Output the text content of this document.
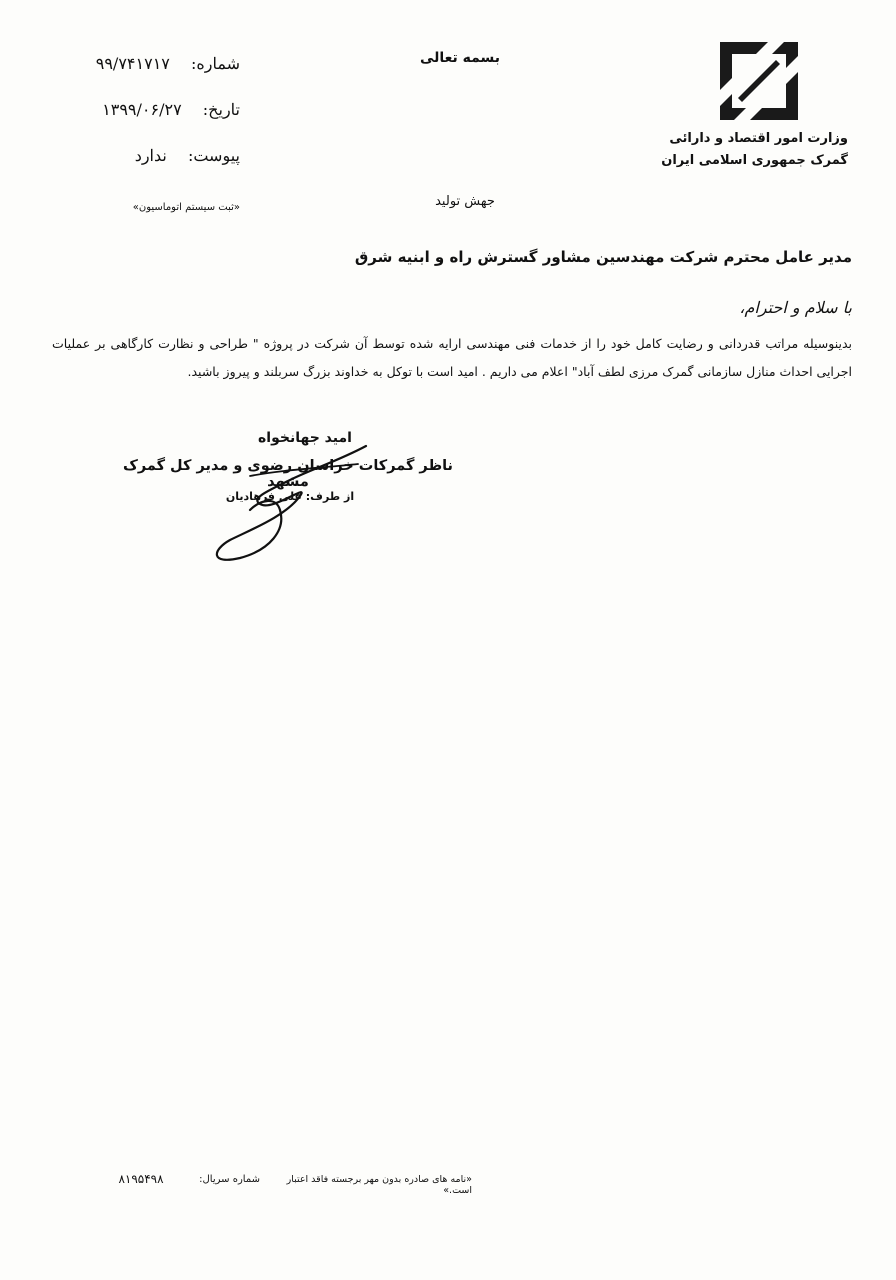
وزارت امور اقتصاد و دارائی
گمرک جمهوری اسلامی ایران
بسمه تعالی
شماره: ۹۹/۷۴۱۷۱۷
تاریخ: ۱۳۹۹/۰۶/۲۷
پیوست: ندارد
«ثبت سیستم اتوماسیون»	جهش تولید
مدیر عامل محترم شرکت مهندسین مشاور گسترش راه و ابنیه شرق
با سلام و احترام،
بدینوسیله مراتب قدردانی و رضایت کامل خود را از خدمات فنی مهندسی ارایه شده توسط آن شرکت در پروژه " طراحی و نظارت کارگاهی بر عملیات اجرایی احداث منازل سازمانی گمرک مرزی لطف آباد" اعلام می داریم . امید است با توکل به خداوند بزرگ سربلند و پیروز باشید.
امید جهانخواه
ناظر گمرکات خراسان رضوی و مدیر کل گمرک مشهد
از طرف: علی فرهادیان
«نامه های صادره بدون مهر برجسته فاقد اعتبار است.»
شماره سریال:
۸۱۹۵۴۹۸
